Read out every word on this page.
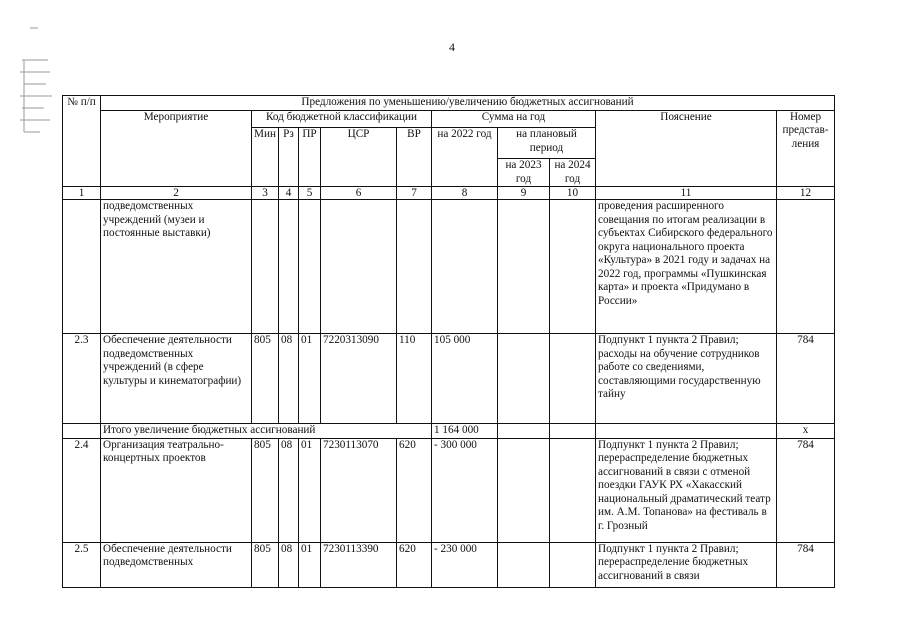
4
№ п/п	Предложения по уменьшению/увеличению бюджетных ассигнований										
	Мероприятие	Код бюджетной классификации					Сумма на год			Пояснение	Номер представ-ления
		Мин	Рз	ПР	ЦСР	ВР	на 2022 год	на плановый период			
								на 2023 год	на 2024 год		
1	2	3	4	5	6	7	8	9	10	11	12
	подведомственных учреждений (музеи и постоянные выставки)									проведения расширенного совещания по итогам реализации в субъектах Сибирского федерального округа национального проекта «Культура» в 2021 году и задачах на 2022 год, программы «Пушкинская карта» и проекта «Придумано в России»	
2.3	Обеспечение деятельности подведомственных учреждений (в сфере культуры и кинематографии)	805	08	01	7220313090	110	105 000			Подпункт 1 пункта 2 Правил; расходы на обучение сотрудников работе со сведениями, составляющими государственную тайну	784
	Итого увеличение бюджетных ассигнований						1 164 000				x
2.4	Организация театрально-концертных проектов	805	08	01	7230113070	620	- 300 000			Подпункт 1 пункта 2 Правил; перераспределение бюджетных ассигнований в связи с отменой поездки ГАУК РХ «Хакасский национальный драматический театр им. А.М. Топанова» на фестиваль в г. Грозный	784
2.5	Обеспечение деятельности подведомственных	805	08	01	7230113390	620	- 230 000			Подпункт 1 пункта 2 Правил; перераспределение бюджетных ассигнований в связи	784
